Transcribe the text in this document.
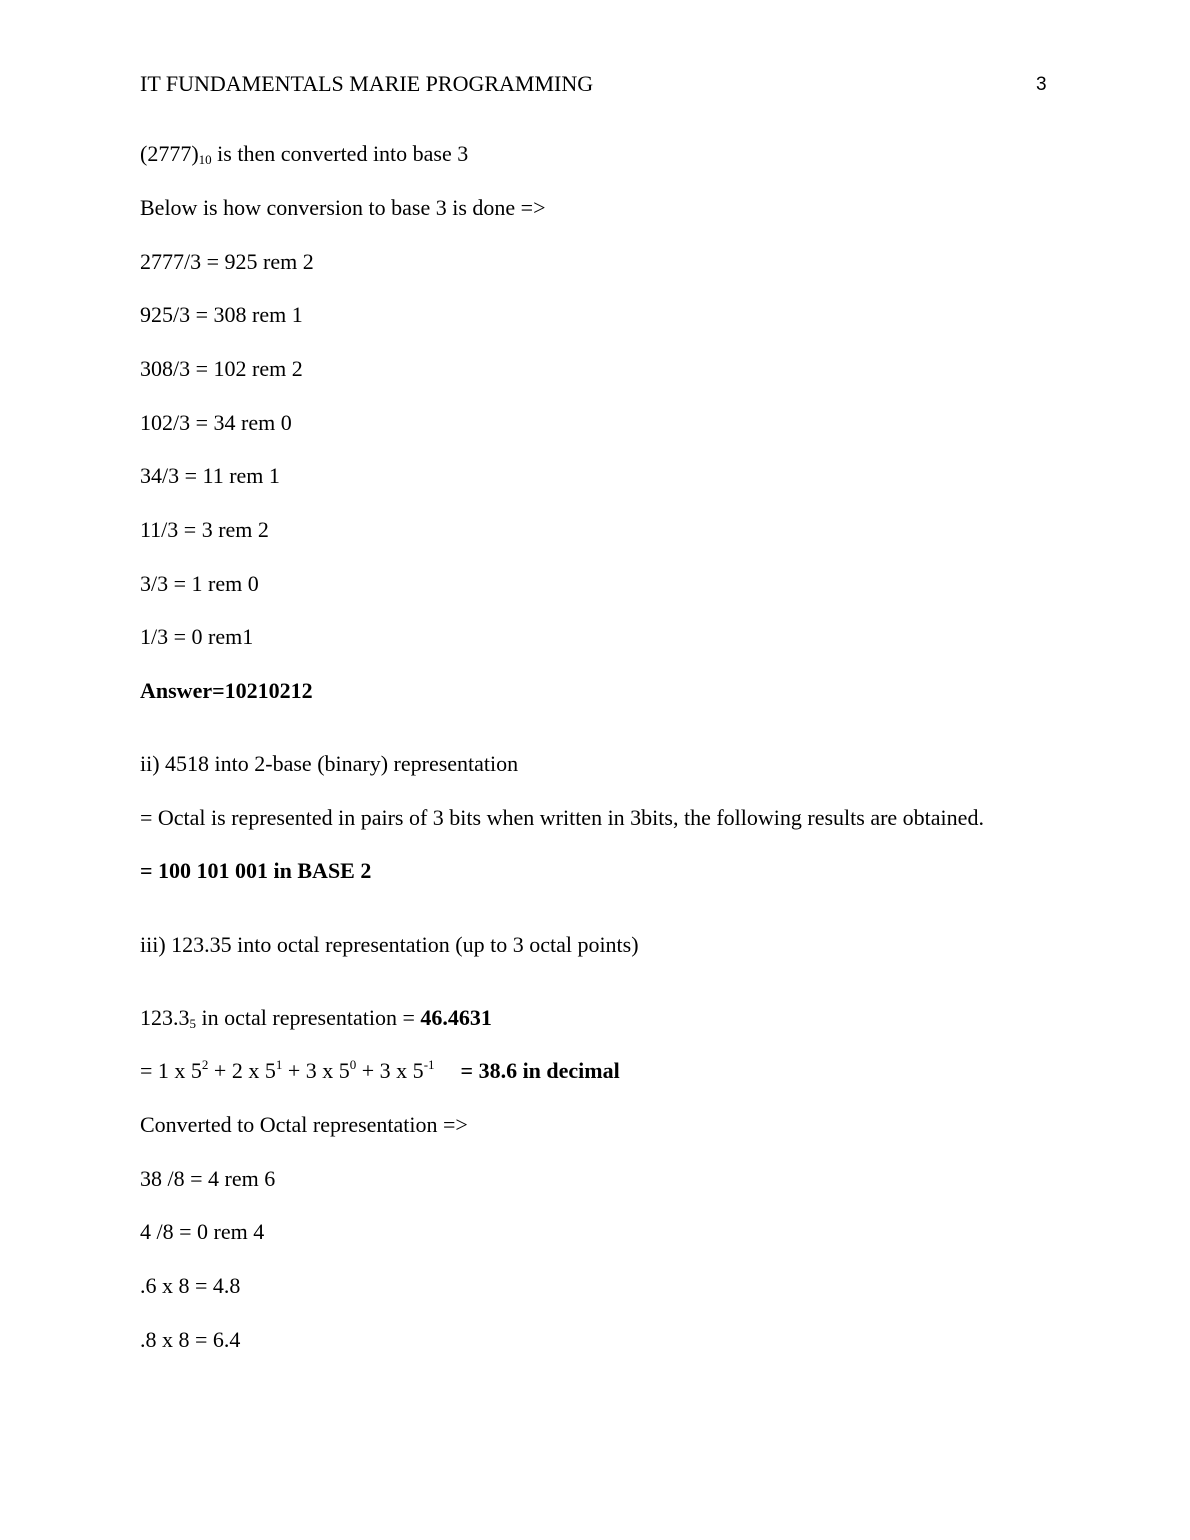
IT FUNDAMENTALS MARIE PROGRAMMING	3
$(2777)_{10}$ is then converted into base 3
Below is how conversion to base 3 is done =>
2777/3 = 925 rem 2
925/3 = 308 rem 1
308/3 = 102 rem 2
102/3 = 34 rem 0
34/3 = 11 rem 1
11/3 = 3 rem 2
3/3 = 1 rem 0
1/3 = 0 rem1
Answer=10210212
ii) 4518 into 2-base (binary) representation
= Octal is represented in pairs of 3 bits when written in 3bits, the following results are obtained.
= 100 101 001 in BASE 2
iii) 123.35 into octal representation (up to 3 octal points)
$123.3_5$ in octal representation = 46.4631
= 1 x $5^2 + 2$ x $5^1 + 3$ x $5^0 + 3$ x $5^{-1} = 38.6$ in decimal
Converted to Octal representation =>
38 /8 = 4 rem 6
4 /8 = 0 rem 4
.6 x 8 = 4.8
.8 x 8 = 6.4
